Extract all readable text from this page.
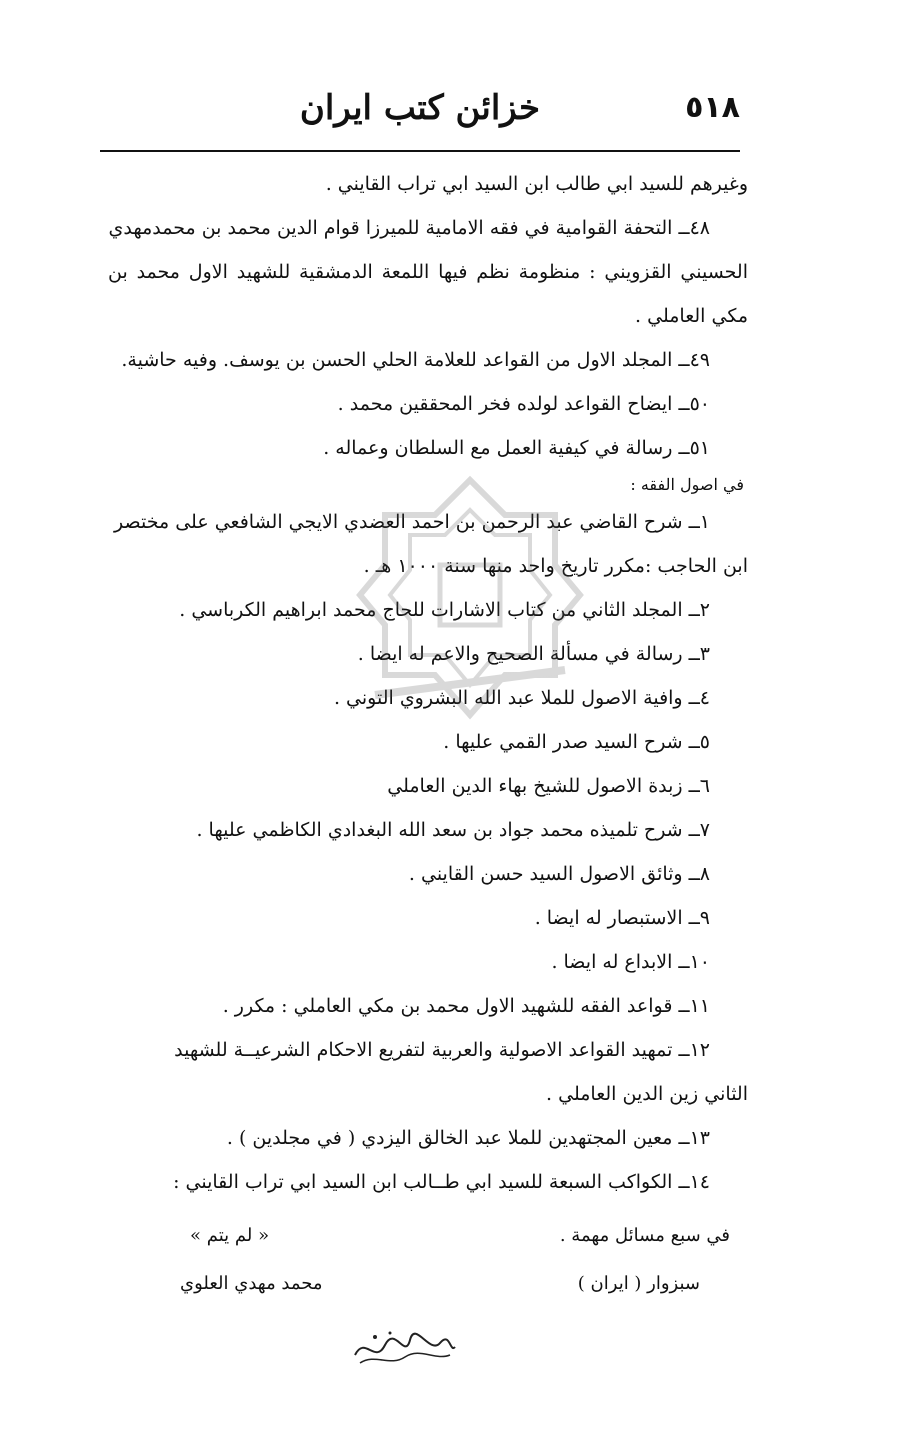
٥١٨
خزائن كتب ايران
وغيرهم للسيد ابي طالب ابن السيد ابي تراب القايني .
٤٨ــ التحفة القوامية في فقه الامامية للميرزا قوام الدين محمد بن محمدمهدي
الحسيني القزويني : منظومة نظم فيها اللمعة الدمشقية للشهيد الاول محمد بن
مكي العاملي .
٤٩ــ المجلد الاول من القواعد للعلامة الحلي الحسن بن يوسف. وفيه حاشية.
٥٠ــ ايضاح القواعد لولده فخر المحققين محمد .
٥١ــ رسالة في كيفية العمل مع السلطان وعماله .
في اصول الفقه :
١ــ شرح القاضي عبد الرحمن بن احمد العضدي الايجي الشافعي على مختصر
ابن الحاجب :مكرر تاريخ واحد منها سنة ١٠٠٠ هـ .
٢ــ المجلد الثاني من كتاب الاشارات للحاج محمد ابراهيم الكرباسي .
٣ــ رسالة في مسألة الصحيح والاعم له ايضا .
٤ــ وافية الاصول للملا عبد الله البشروي التوني .
٥ــ شرح السيد صدر القمي عليها .
٦ــ زبدة الاصول للشيخ بهاء الدين العاملي
٧ــ شرح تلميذه محمد جواد بن سعد الله البغدادي الكاظمي عليها .
٨ــ وثائق الاصول السيد حسن القايني .
٩ــ الاستبصار له ايضا .
١٠ــ الابداع له ايضا .
١١ــ قواعد الفقه للشهيد الاول محمد بن مكي العاملي : مكرر .
١٢ــ تمهيد القواعد الاصولية والعربية لتفريع الاحكام الشرعيــة للشهيد
الثاني زين الدين العاملي .
١٣ــ معين المجتهدين للملا عبد الخالق اليزدي ( في مجلدين ) .
١٤ــ الكواكب السبعة للسيد ابي طــالب ابن السيد ابي تراب القايني :
في سبع مسائل مهمة .
« لم يتم »
سبزوار ( ايران )
محمد مهدي العلوي
